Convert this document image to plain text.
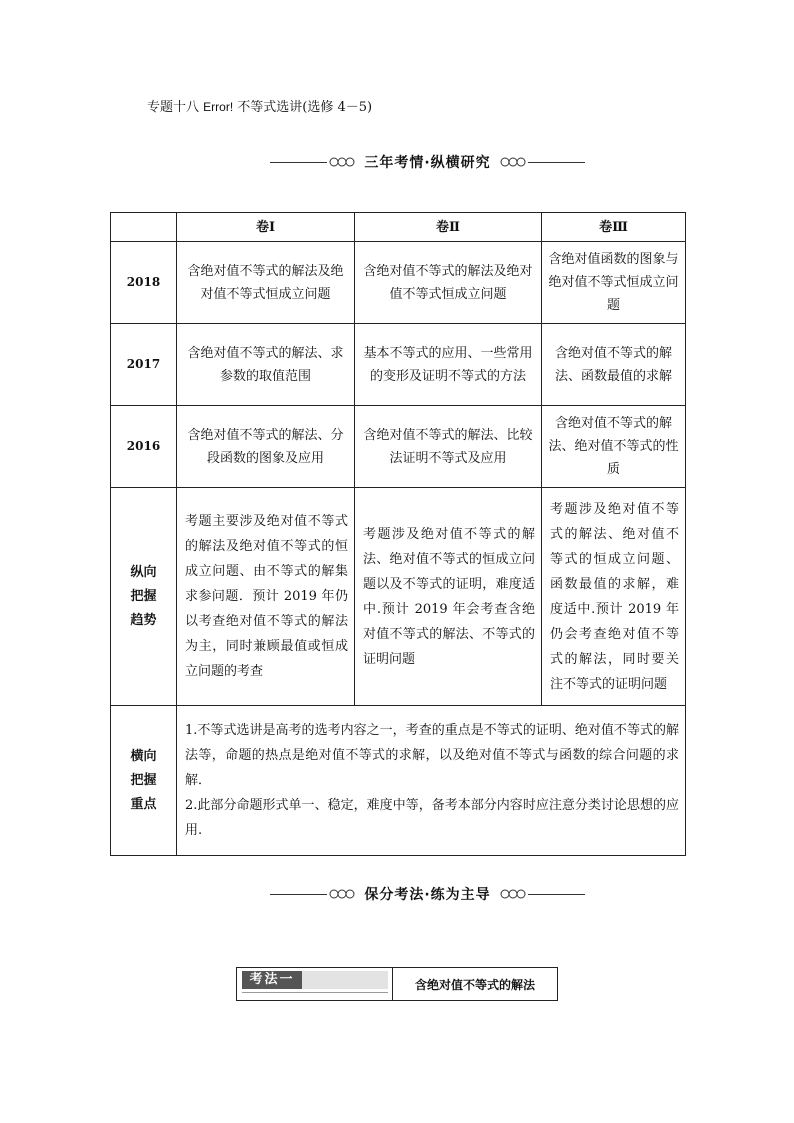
专题十八 Error! 不等式选讲(选修 4－5)
三年考情·纵横研究
	卷Ⅰ	卷Ⅱ	卷Ⅲ
2018	含绝对值不等式的解法及绝对值不等式恒成立问题	含绝对值不等式的解法及绝对值不等式恒成立问题	含绝对值函数的图象与绝对值不等式恒成立问题
2017	含绝对值不等式的解法、求参数的取值范围	基本不等式的应用、一些常用的变形及证明不等式的方法	含绝对值不等式的解法、函数最值的求解
2016	含绝对值不等式的解法、分段函数的图象及应用	含绝对值不等式的解法、比较法证明不等式及应用	含绝对值不等式的解法、绝对值不等式的性质
纵向把握趋势	考题主要涉及绝对值不等式的解法及绝对值不等式的恒成立问题、由不等式的解集求参问题．预计 2019 年仍以考查绝对值不等式的解法为主，同时兼顾最值或恒成立问题的考查	考题涉及绝对值不等式的解法、绝对值不等式的恒成立问题以及不等式的证明，难度适中.预计 2019 年会考查含绝对值不等式的解法、不等式的证明问题	考题涉及绝对值不等式的解法、绝对值不等式的恒成立问题、函数最值的求解，难度适中.预计 2019 年仍会考查绝对值不等式的解法，同时要关注不等式的证明问题
横向把握重点	1.不等式选讲是高考的选考内容之一，考查的重点是不等式的证明、绝对值不等式的解法等，命题的热点是绝对值不等式的求解，以及绝对值不等式与函数的综合问题的求解．
2.此部分命题形式单一、稳定，难度中等，备考本部分内容时应注意分类讨论思想的应用.		
保分考法·练为主导
考法一	含绝对值不等式的解法
